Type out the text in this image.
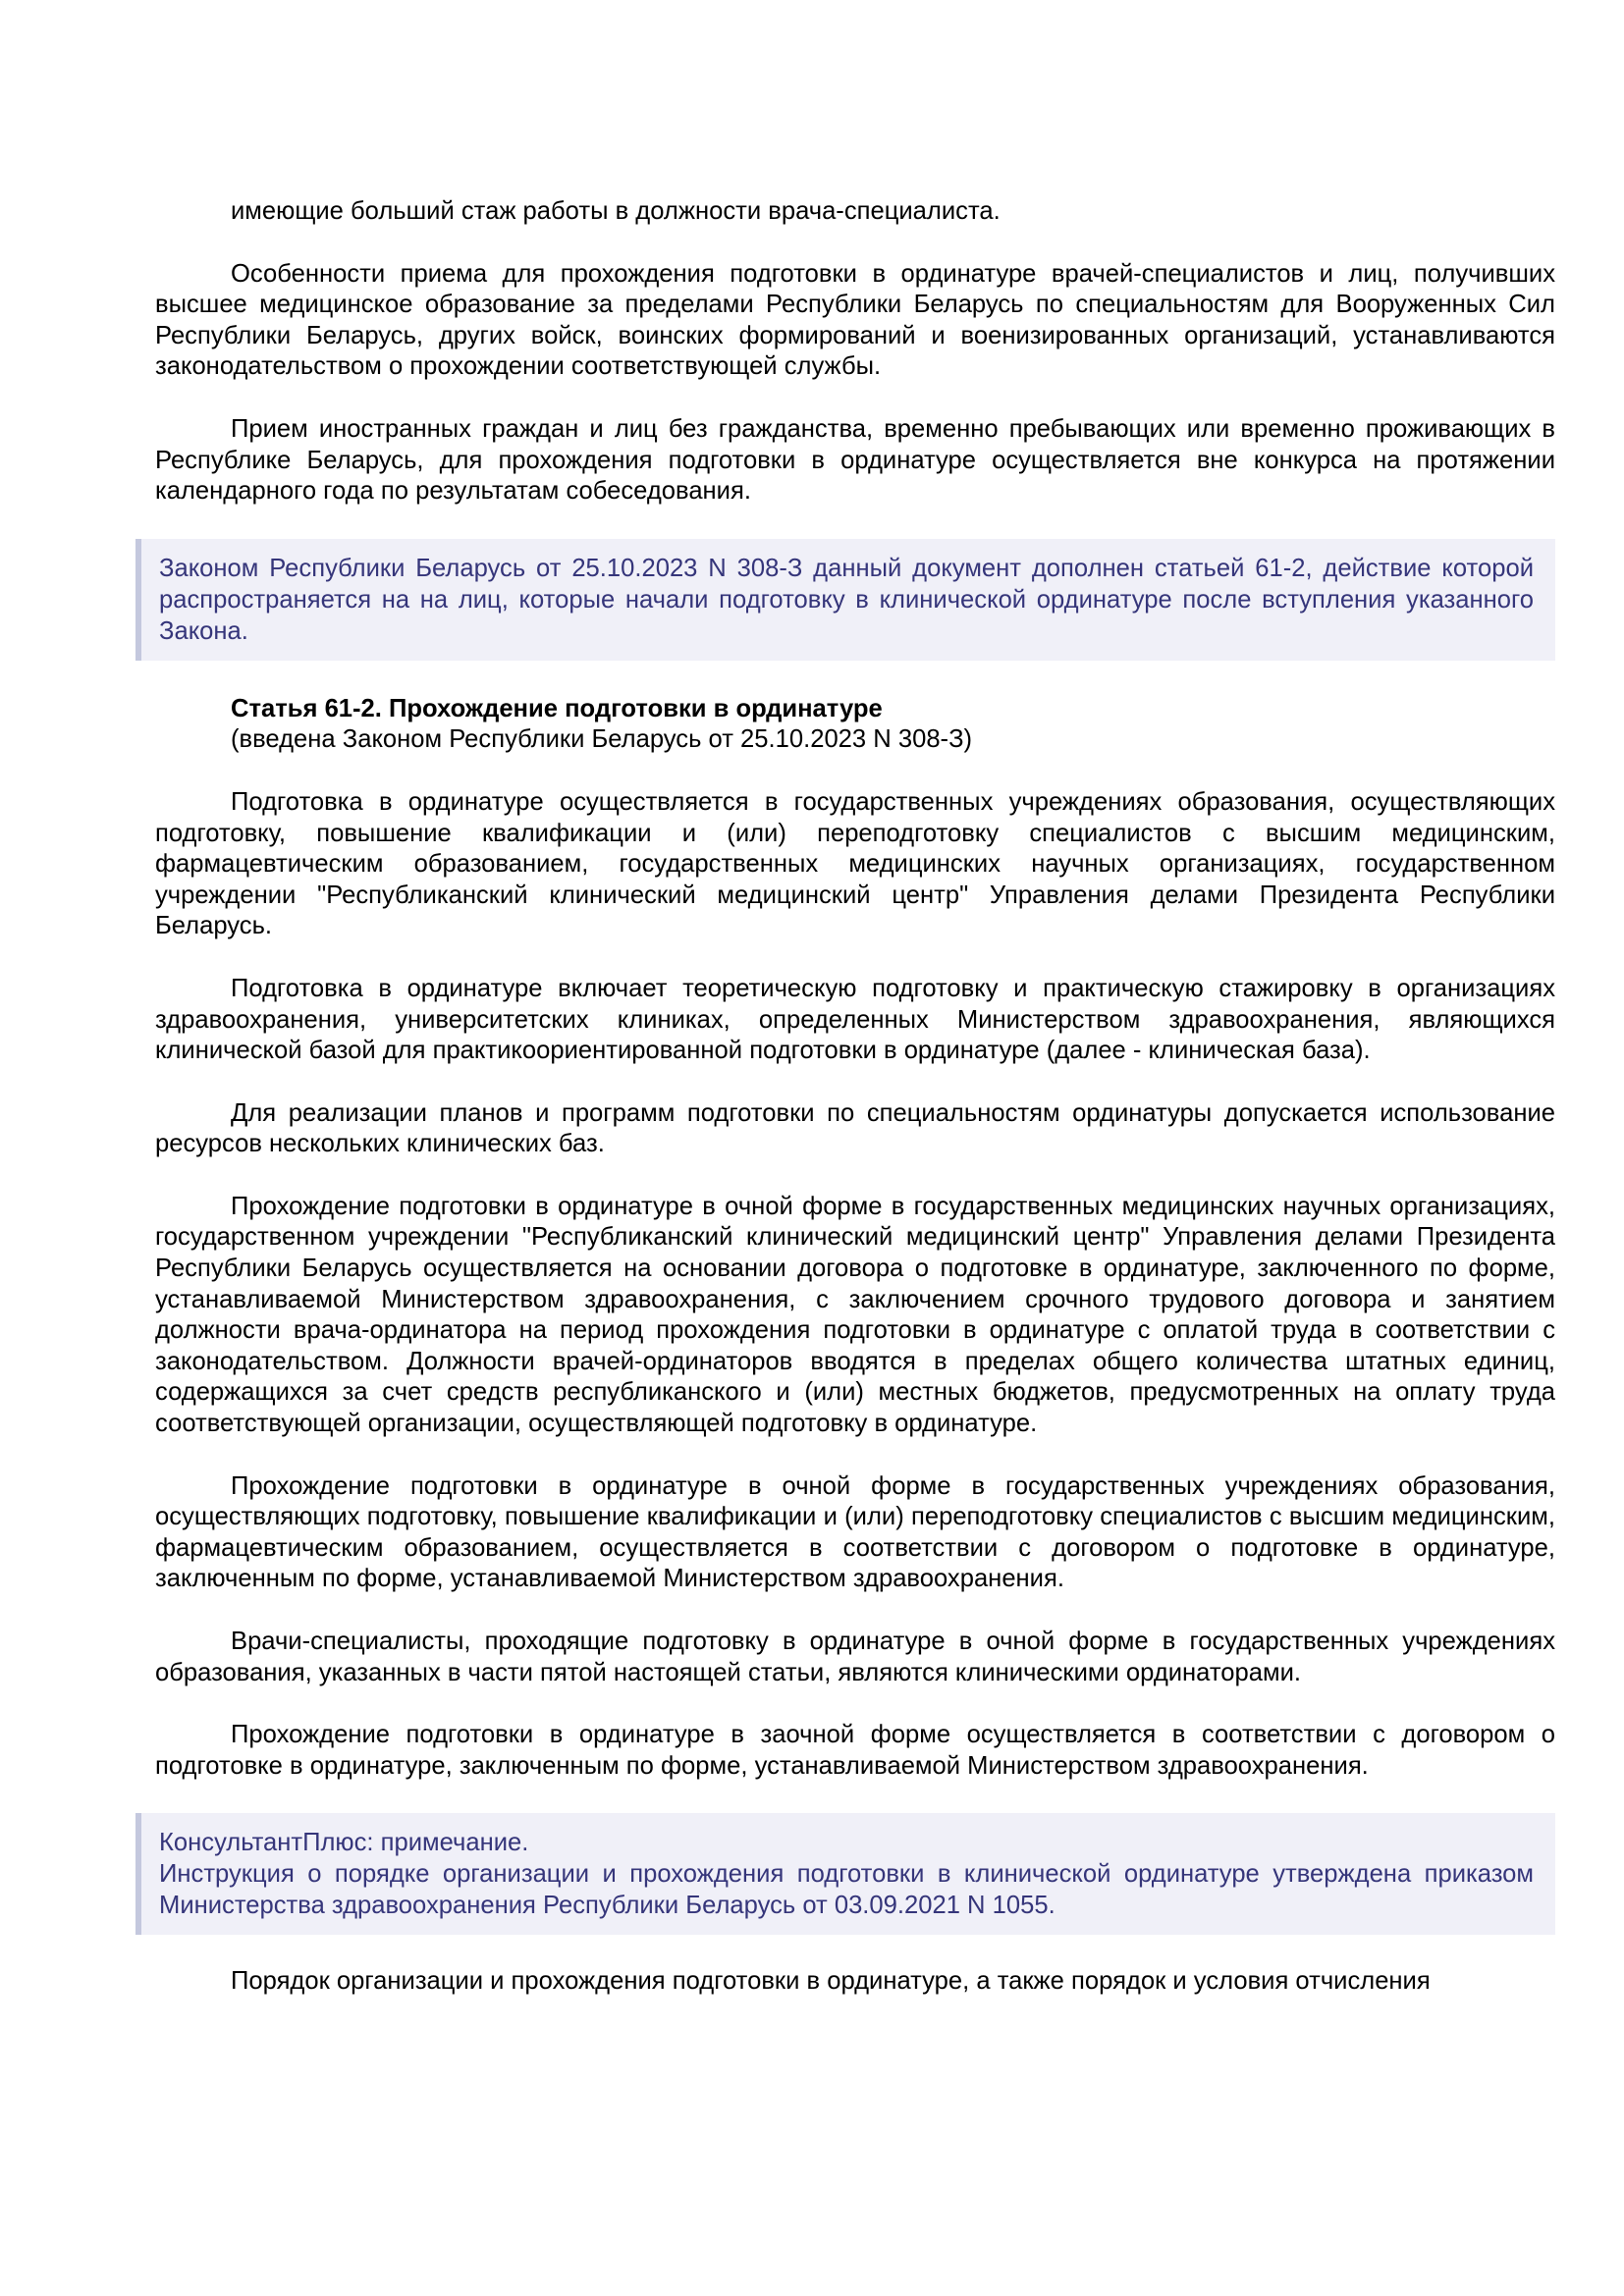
имеющие больший стаж работы в должности врача-специалиста.

Особенности приема для прохождения подготовки в ординатуре врачей-специалистов и лиц, получивших высшее медицинское образование за пределами Республики Беларусь по специальностям для Вооруженных Сил Республики Беларусь, других войск, воинских формирований и военизированных организаций, устанавливаются законодательством о прохождении соответствующей службы.

Прием иностранных граждан и лиц без гражданства, временно пребывающих или временно проживающих в Республике Беларусь, для прохождения подготовки в ординатуре осуществляется вне конкурса на протяжении календарного года по результатам собеседования.

Законом Республики Беларусь от 25.10.2023 N 308-З данный документ дополнен статьей 61-2, действие которой распространяется на на лиц, которые начали подготовку в клинической ординатуре после вступления указанного Закона.

Статья 61-2. Прохождение подготовки в ординатуре

(введена Законом Республики Беларусь от 25.10.2023 N 308-З)

Подготовка в ординатуре осуществляется в государственных учреждениях образования, осуществляющих подготовку, повышение квалификации и (или) переподготовку специалистов с высшим медицинским, фармацевтическим образованием, государственных медицинских научных организациях, государственном учреждении "Республиканский клинический медицинский центр" Управления делами Президента Республики Беларусь.

Подготовка в ординатуре включает теоретическую подготовку и практическую стажировку в организациях здравоохранения, университетских клиниках, определенных Министерством здравоохранения, являющихся клинической базой для практикоориентированной подготовки в ординатуре (далее - клиническая база).

Для реализации планов и программ подготовки по специальностям ординатуры допускается использование ресурсов нескольких клинических баз.

Прохождение подготовки в ординатуре в очной форме в государственных медицинских научных организациях, государственном учреждении "Республиканский клинический медицинский центр" Управления делами Президента Республики Беларусь осуществляется на основании договора о подготовке в ординатуре, заключенного по форме, устанавливаемой Министерством здравоохранения, с заключением срочного трудового договора и занятием должности врача-ординатора на период прохождения подготовки в ординатуре с оплатой труда в соответствии с законодательством. Должности врачей-ординаторов вводятся в пределах общего количества штатных единиц, содержащихся за счет средств республиканского и (или) местных бюджетов, предусмотренных на оплату труда соответствующей организации, осуществляющей подготовку в ординатуре.

Прохождение подготовки в ординатуре в очной форме в государственных учреждениях образования, осуществляющих подготовку, повышение квалификации и (или) переподготовку специалистов с высшим медицинским, фармацевтическим образованием, осуществляется в соответствии с договором о подготовке в ординатуре, заключенным по форме, устанавливаемой Министерством здравоохранения.

Врачи-специалисты, проходящие подготовку в ординатуре в очной форме в государственных учреждениях образования, указанных в части пятой настоящей статьи, являются клиническими ординаторами.

Прохождение подготовки в ординатуре в заочной форме осуществляется в соответствии с договором о подготовке в ординатуре, заключенным по форме, устанавливаемой Министерством здравоохранения.

КонсультантПлюс: примечание.

Инструкция о порядке организации и прохождения подготовки в клинической ординатуре утверждена приказом Министерства здравоохранения Республики Беларусь от 03.09.2021 N 1055.

Порядок организации и прохождения подготовки в ординатуре, а также порядок и условия отчисления
